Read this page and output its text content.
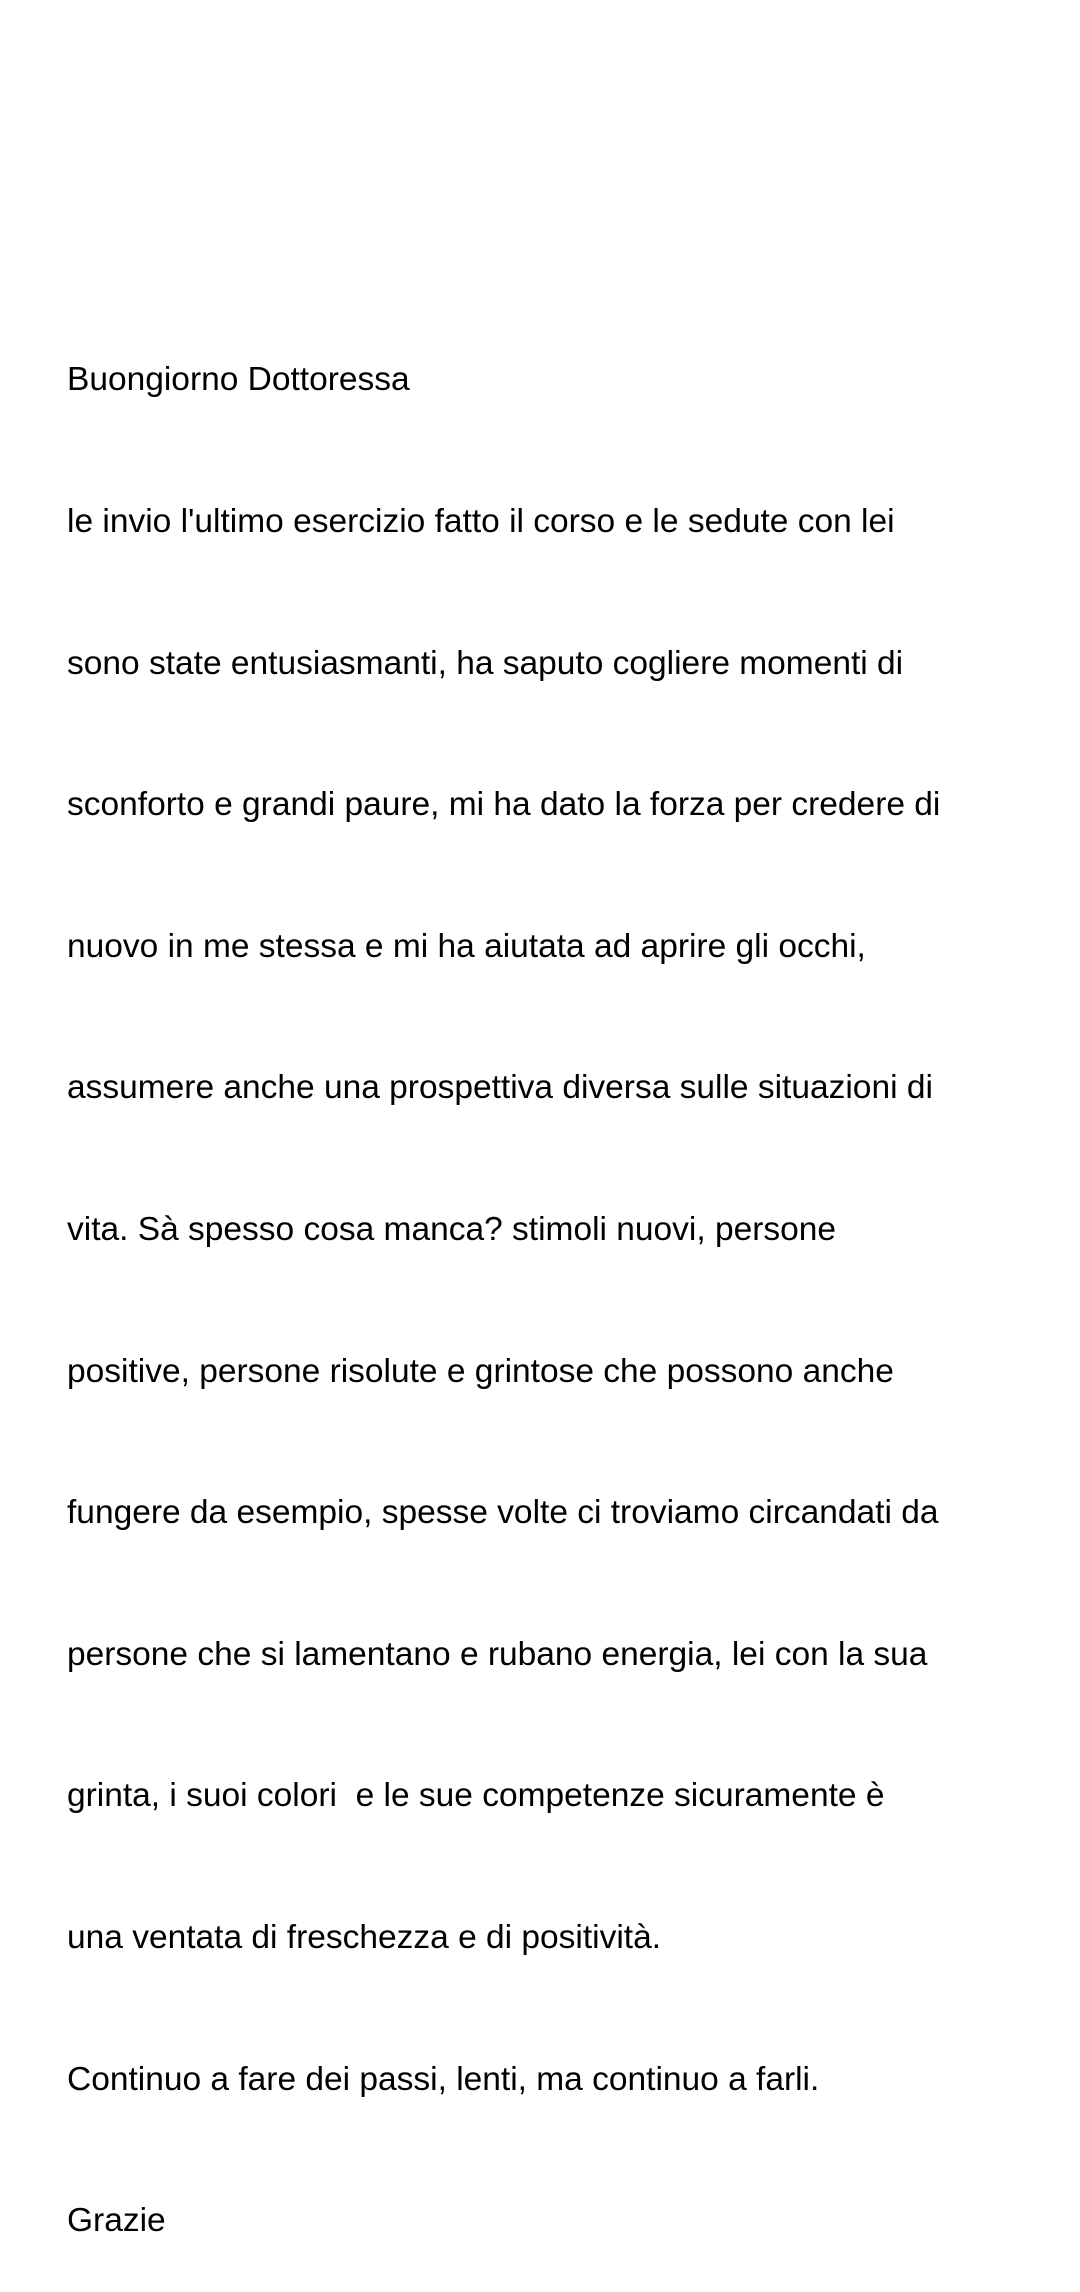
Buongiorno Dottoressa

le invio l'ultimo esercizio fatto il corso e le sedute con lei

sono state entusiasmanti, ha saputo cogliere momenti di

sconforto e grandi paure, mi ha dato la forza per credere di

nuovo in me stessa e mi ha aiutata ad aprire gli occhi,

assumere anche una prospettiva diversa sulle situazioni di

vita. Sà spesso cosa manca? stimoli nuovi, persone

positive, persone risolute e grintose che possono anche

fungere da esempio, spesse volte ci troviamo circandati da

persone che si lamentano e rubano energia, lei con la sua

grinta, i suoi colori  e le sue competenze sicuramente è

una ventata di freschezza e di positività.

Continuo a fare dei passi, lenti, ma continuo a farli.

Grazie
